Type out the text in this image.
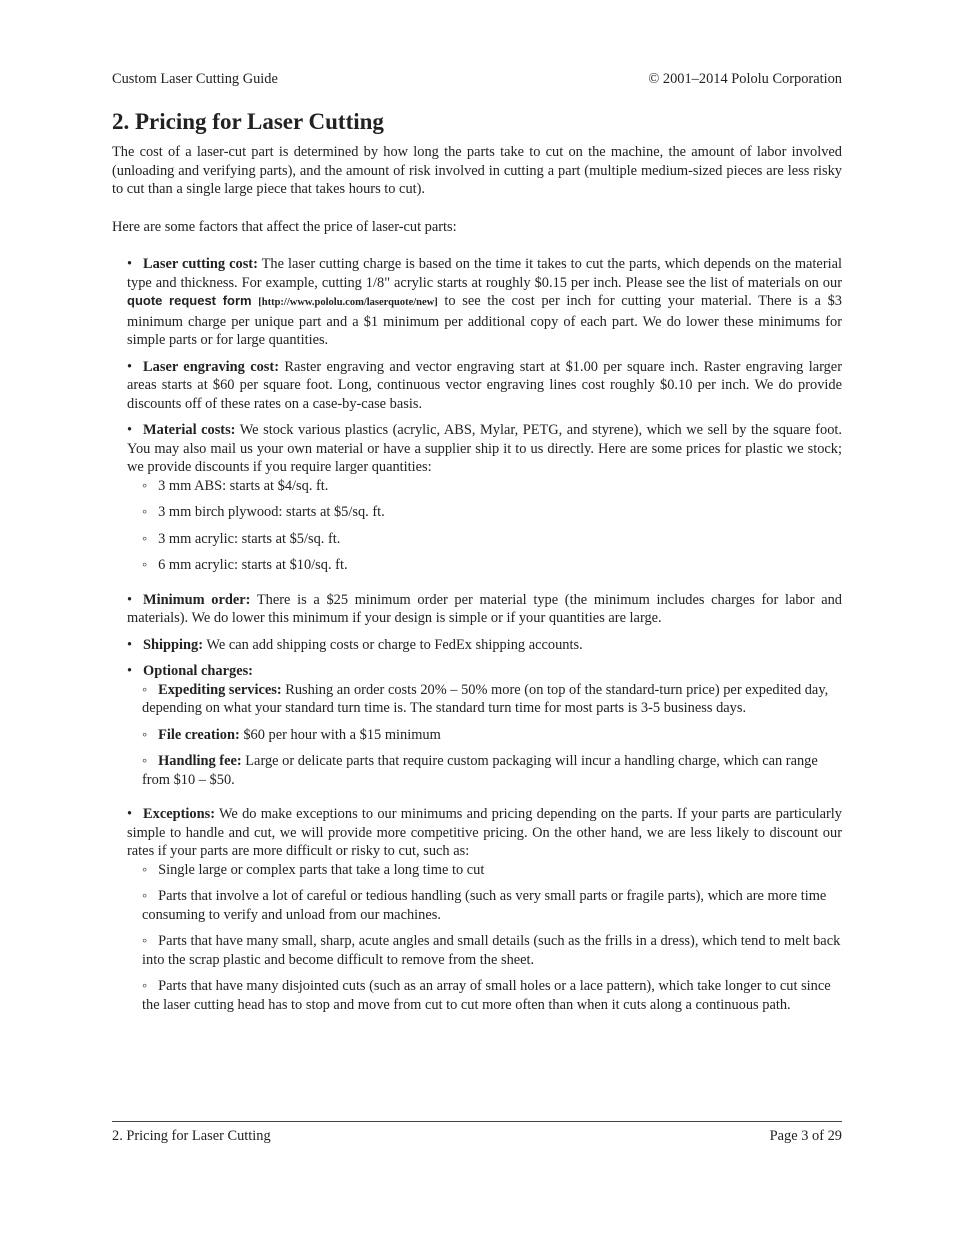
Custom Laser Cutting Guide	© 2001–2014 Pololu Corporation
2. Pricing for Laser Cutting

The cost of a laser-cut part is determined by how long the parts take to cut on the machine, the amount of labor involved (unloading and verifying parts), and the amount of risk involved in cutting a part (multiple medium-sized pieces are less risky to cut than a single large piece that takes hours to cut).

Here are some factors that affect the price of laser-cut parts:

• Laser cutting cost: The laser cutting charge is based on the time it takes to cut the parts, which depends on the material type and thickness. For example, cutting 1/8" acrylic starts at roughly $0.15 per inch. Please see the list of materials on our quote request form [http://www.pololu.com/laserquote/new] to see the cost per inch for cutting your material. There is a $3 minimum charge per unique part and a $1 minimum per additional copy of each part. We do lower these minimums for simple parts or for large quantities.
• Laser engraving cost: Raster engraving and vector engraving start at $1.00 per square inch. Raster engraving larger areas starts at $60 per square foot. Long, continuous vector engraving lines cost roughly $0.10 per inch. We do provide discounts off of these rates on a case-by-case basis.
• Material costs: We stock various plastics (acrylic, ABS, Mylar, PETG, and styrene), which we sell by the square foot. You may also mail us your own material or have a supplier ship it to us directly. Here are some prices for plastic we stock; we provide discounts if you require larger quantities:
◦ 3 mm ABS: starts at $4/sq. ft.
◦ 3 mm birch plywood: starts at $5/sq. ft.
◦ 3 mm acrylic: starts at $5/sq. ft.
◦ 6 mm acrylic: starts at $10/sq. ft.
• Minimum order: There is a $25 minimum order per material type (the minimum includes charges for labor and materials). We do lower this minimum if your design is simple or if your quantities are large.
• Shipping: We can add shipping costs or charge to FedEx shipping accounts.
• Optional charges:
◦ Expediting services: Rushing an order costs 20% – 50% more (on top of the standard-turn price) per expedited day, depending on what your standard turn time is. The standard turn time for most parts is 3-5 business days.
◦ File creation: $60 per hour with a $15 minimum
◦ Handling fee: Large or delicate parts that require custom packaging will incur a handling charge, which can range from $10 – $50.
• Exceptions: We do make exceptions to our minimums and pricing depending on the parts. If your parts are particularly simple to handle and cut, we will provide more competitive pricing. On the other hand, we are less likely to discount our rates if your parts are more difficult or risky to cut, such as:
◦ Single large or complex parts that take a long time to cut
◦ Parts that involve a lot of careful or tedious handling (such as very small parts or fragile parts), which are more time consuming to verify and unload from our machines.
◦ Parts that have many small, sharp, acute angles and small details (such as the frills in a dress), which tend to melt back into the scrap plastic and become difficult to remove from the sheet.
◦ Parts that have many disjointed cuts (such as an array of small holes or a lace pattern), which take longer to cut since the laser cutting head has to stop and move from cut to cut more often than when it cuts along a continuous path.
2. Pricing for Laser Cutting	Page 3 of 29
